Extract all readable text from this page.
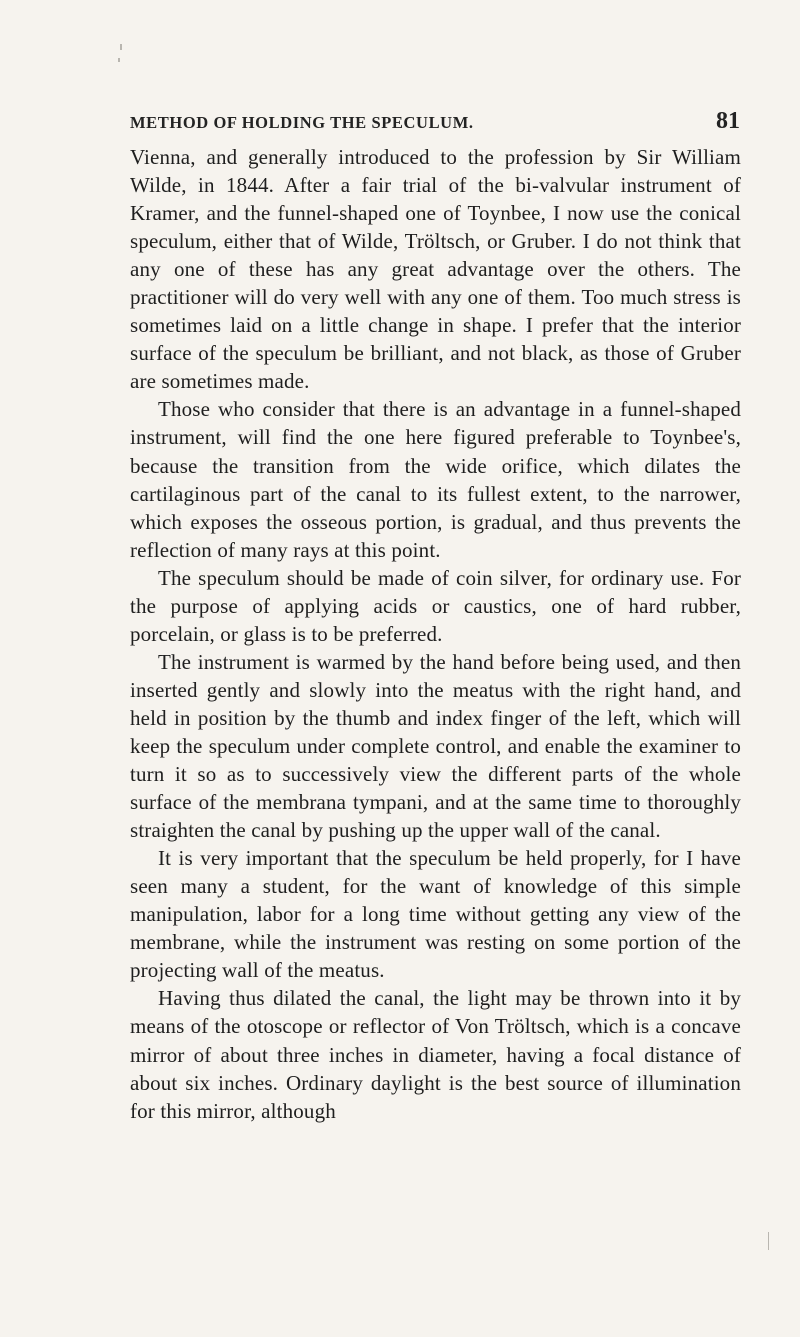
METHOD OF HOLDING THE SPECULUM.	81

Vienna, and generally introduced to the profession by Sir William Wilde, in 1844. After a fair trial of the bi-valvular instrument of Kramer, and the funnel-shaped one of Toynbee, I now use the conical speculum, either that of Wilde, Tröltsch, or Gruber. I do not think that any one of these has any great advantage over the others. The practitioner will do very well with any one of them. Too much stress is sometimes laid on a little change in shape. I prefer that the interior surface of the speculum be brilliant, and not black, as those of Gruber are sometimes made.

Those who consider that there is an advantage in a funnel-shaped instrument, will find the one here figured preferable to Toynbee's, because the transition from the wide orifice, which dilates the cartilaginous part of the canal to its fullest extent, to the narrower, which exposes the osseous portion, is gradual, and thus prevents the reflection of many rays at this point.

The speculum should be made of coin silver, for ordinary use. For the purpose of applying acids or caustics, one of hard rubber, porcelain, or glass is to be preferred.

The instrument is warmed by the hand before being used, and then inserted gently and slowly into the meatus with the right hand, and held in position by the thumb and index finger of the left, which will keep the speculum under complete control, and enable the examiner to turn it so as to successively view the different parts of the whole surface of the membrana tympani, and at the same time to thoroughly straighten the canal by pushing up the upper wall of the canal.

It is very important that the speculum be held properly, for I have seen many a student, for the want of knowledge of this simple manipulation, labor for a long time without getting any view of the membrane, while the instrument was resting on some portion of the projecting wall of the meatus.

Having thus dilated the canal, the light may be thrown into it by means of the otoscope or reflector of Von Tröltsch, which is a concave mirror of about three inches in diameter, having a focal distance of about six inches. Ordinary daylight is the best source of illumination for this mirror, although
